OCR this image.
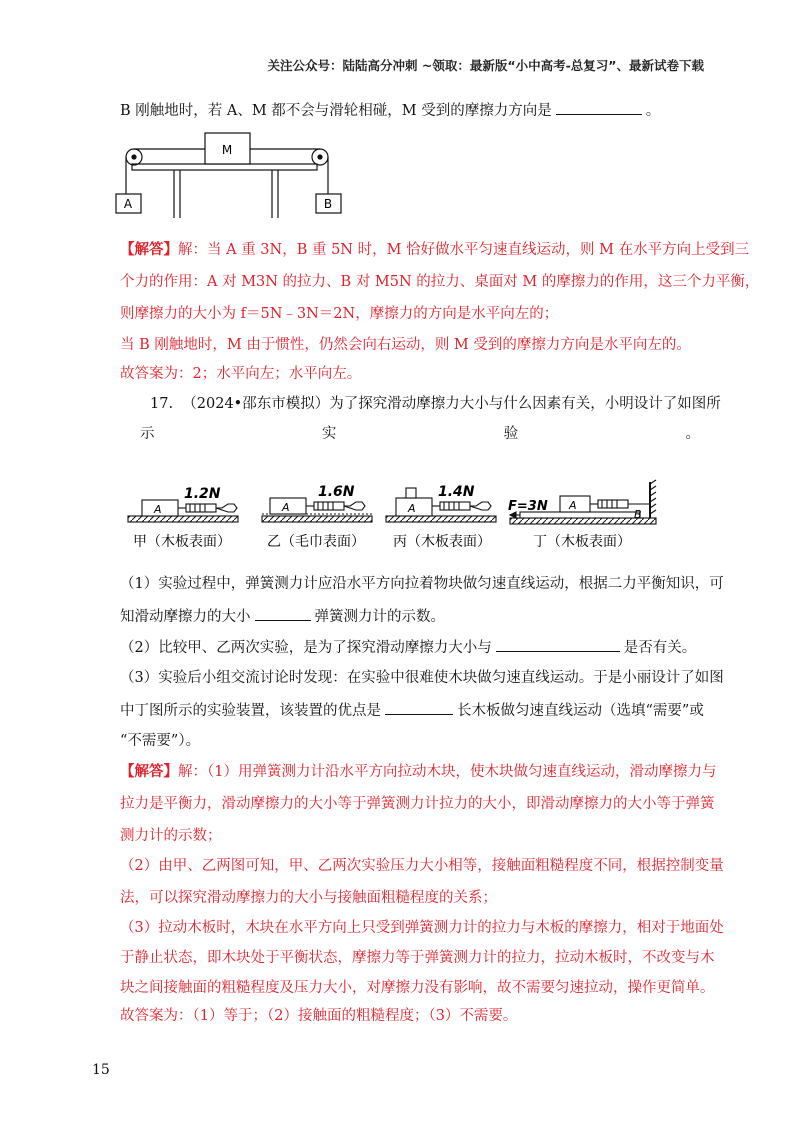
关注公众号：陆陆高分冲刺 ~领取：最新版“小中高考-总复习”、最新试卷下载
B 刚触地时，若 A、M 都不会与滑轮相碰，M 受到的摩擦力方向是	。
M
A	B
【解答】解：当 A 重 3N，B 重 5N 时，M 恰好做水平匀速直线运动，则 M 在水平方向上受到三
个力的作用：A 对 M3N 的拉力、B 对 M5N 的拉力、桌面对 M 的摩擦力的作用，这三个力平衡，
则摩擦力的大小为 f＝5N﹣3N＝2N，摩擦力的方向是水平向左的；
当 B 刚触地时，M 由于惯性，仍然会向右运动，则 M 受到的摩擦力方向是水平向左的。
故答案为：2；水平向左；水平向左。
17. （2024•邵东市模拟）为了探究滑动摩擦力大小与什么因素有关，小明设计了如图所
示	实	验	。
A
1.2N
A
1.6N
A
1.4N
F=3N A
B
甲（木板表面）	乙（毛巾表面） 丙（木板表面）	丁（木板表面）
（1）实验过程中，弹簧测力计应沿水平方向拉着物块做匀速直线运动，根据二力平衡知识，可
知滑动摩擦力的大小	弹簧测力计的示数。
（2）比较甲、乙两次实验，是为了探究滑动摩擦力大小与	是否有关。
（3）实验后小组交流讨论时发现：在实验中很难使木块做匀速直线运动。于是小丽设计了如图
中丁图所示的实验装置，该装置的优点是	长木板做匀速直线运动（选填“需要”或
“不需要”）。
【解答】解：（1）用弹簧测力计沿水平方向拉动木块，使木块做匀速直线运动，滑动摩擦力与
拉力是平衡力，滑动摩擦力的大小等于弹簧测力计拉力的大小，即滑动摩擦力的大小等于弹簧
测力计的示数；
（2）由甲、乙两图可知，甲、乙两次实验压力大小相等，接触面粗糙程度不同，根据控制变量
法，可以探究滑动摩擦力的大小与接触面粗糙程度的关系；
（3）拉动木板时，木块在水平方向上只受到弹簧测力计的拉力与木板的摩擦力，相对于地面处
于静止状态，即木块处于平衡状态，摩擦力等于弹簧测力计的拉力，拉动木板时，不改变与木
块之间接触面的粗糙程度及压力大小，对摩擦力没有影响，故不需要匀速拉动，操作更简单。
故答案为：（1）等于；（2）接触面的粗糙程度；（3）不需要。
15
